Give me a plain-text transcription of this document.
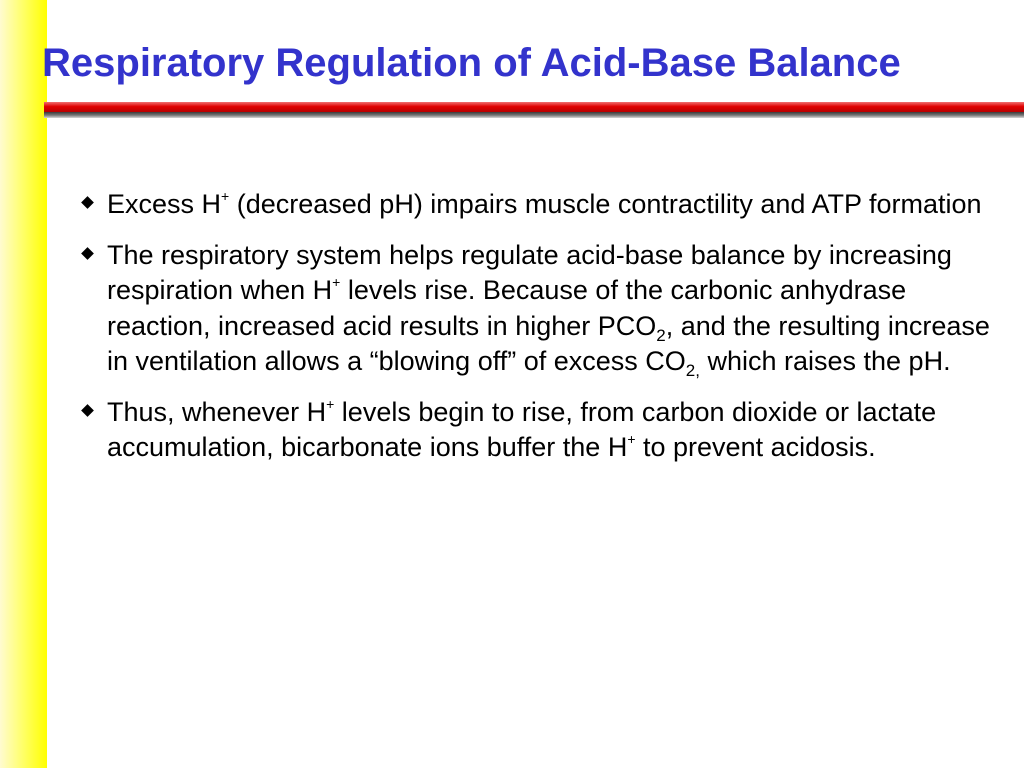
Respiratory Regulation of Acid-Base Balance
Excess H+ (decreased pH) impairs muscle contractility and ATP formation
The respiratory system helps regulate acid-base balance by increasing respiration when H+ levels rise. Because of the carbonic anhydrase reaction, increased acid results in higher $PCO_2$, and the resulting increase in ventilation allows a “blowing off” of excess $CO_{2,}$ which raises the pH.
Thus, whenever H+ levels begin to rise, from carbon dioxide or lactate accumulation, bicarbonate ions buffer the H+ to prevent acidosis.
